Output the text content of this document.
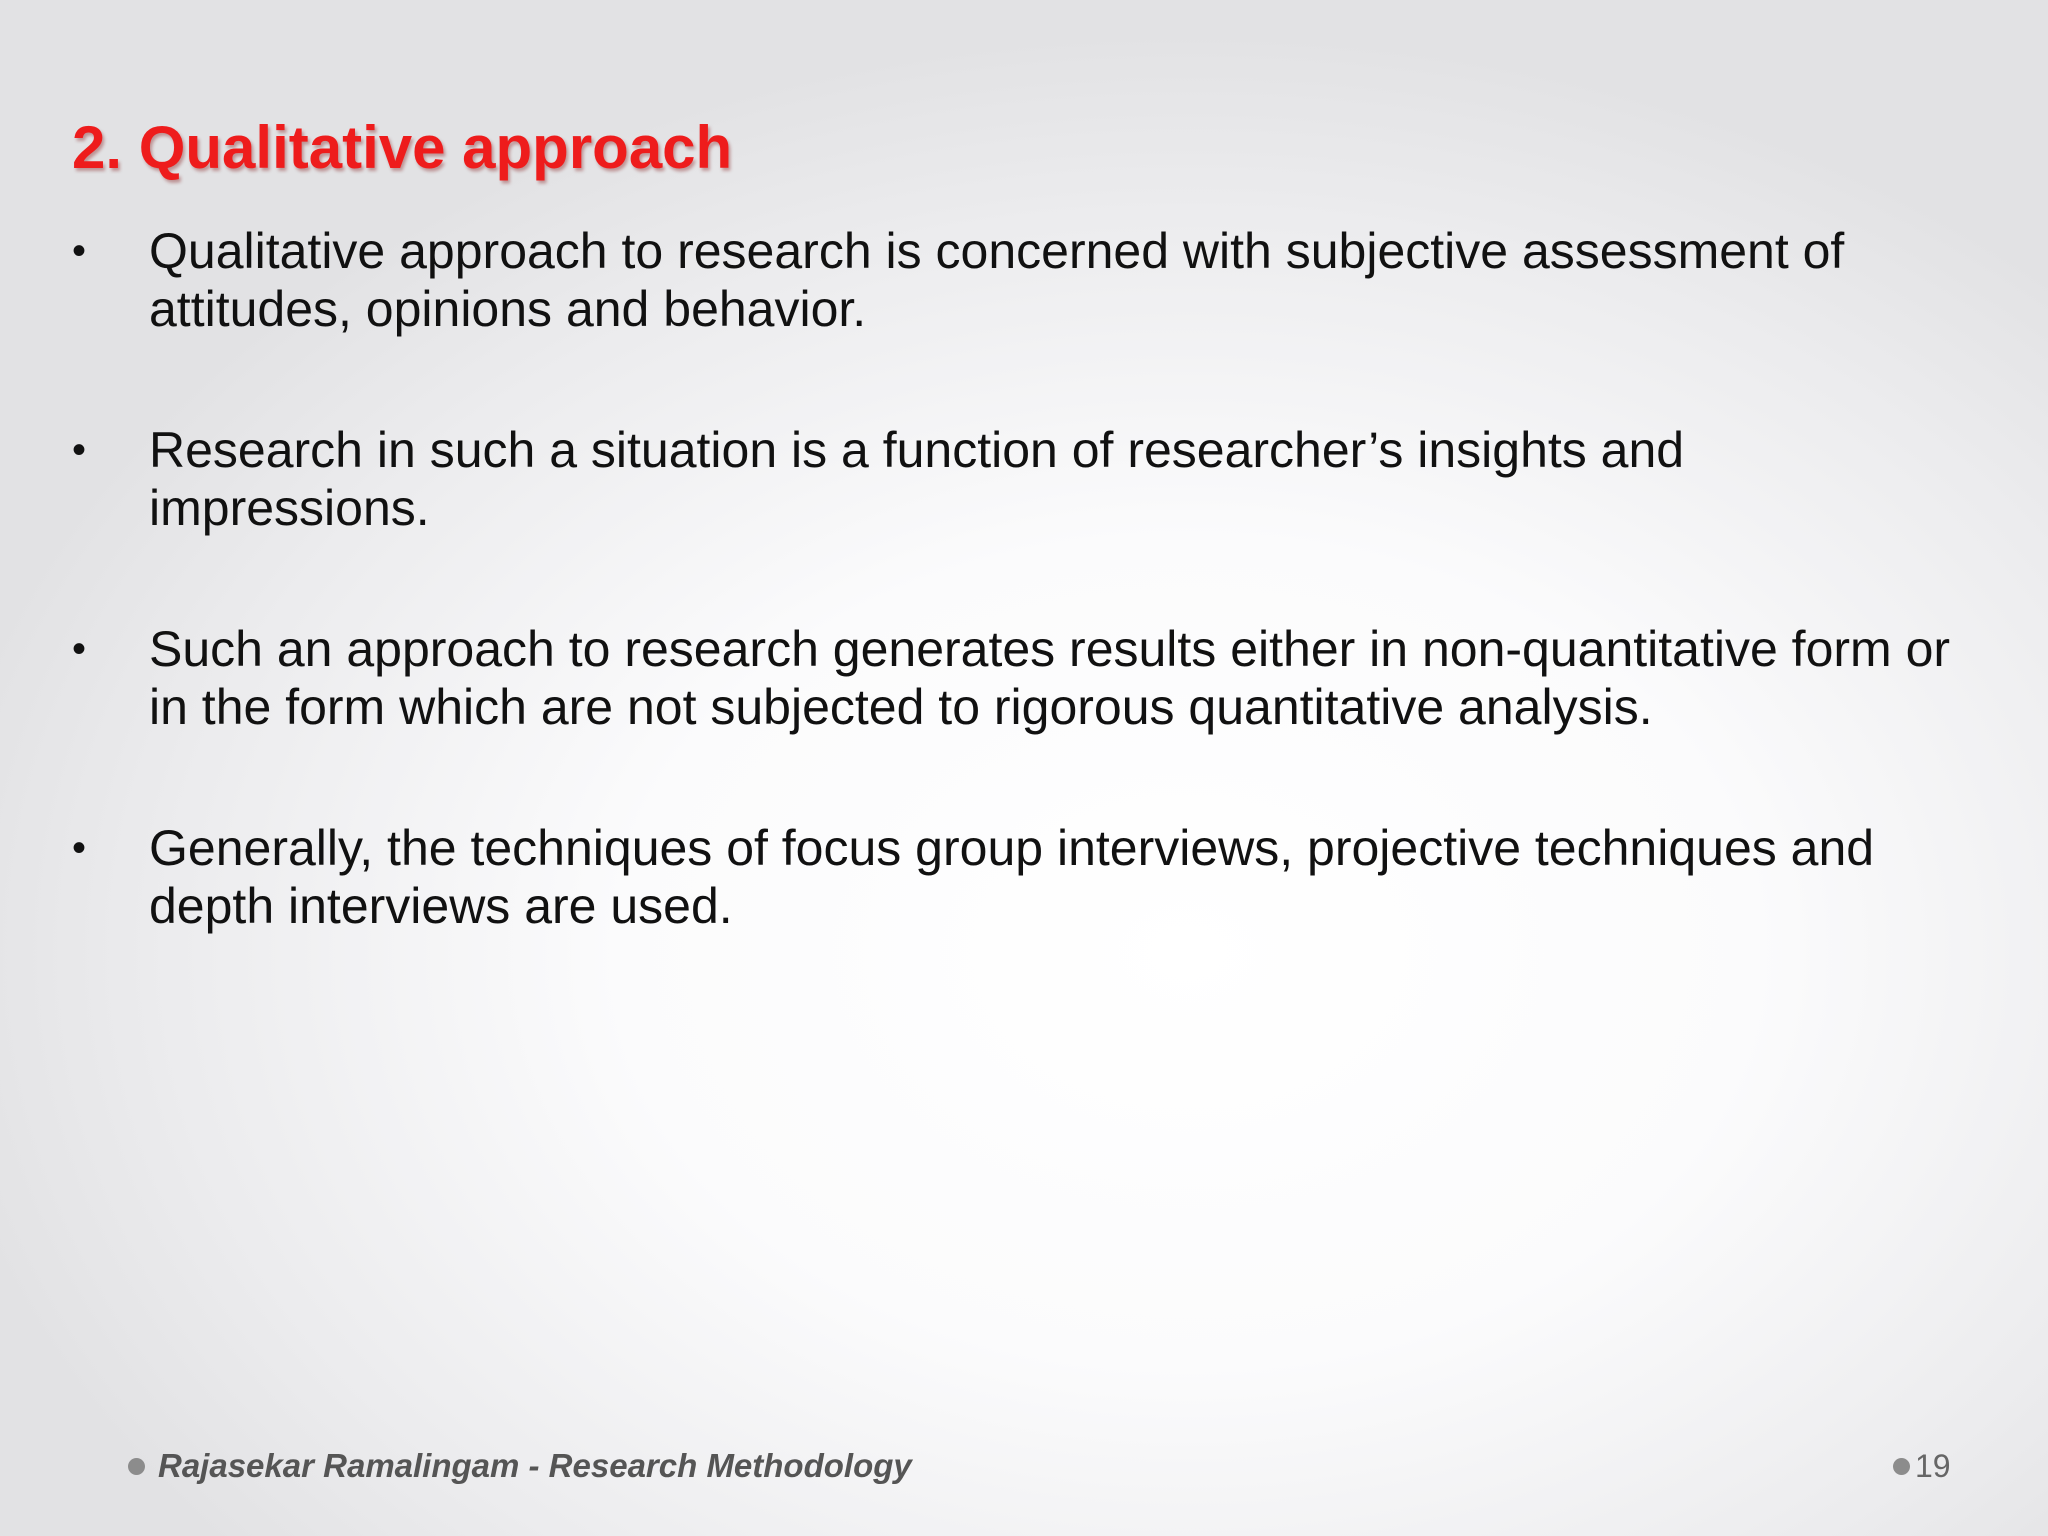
2. Qualitative approach
•	Qualitative approach to research is concerned with subjective assessment of attitudes, opinions and behavior.
•	Research in such a situation is a function of researcher’s insights and impressions.
•	Such an approach to research generates results either in non-quantitative form or in the form which are not subjected to rigorous quantitative analysis.
•	Generally, the techniques of focus group interviews, projective techniques and depth interviews are used.
Rajasekar Ramalingam - Research Methodology	19
